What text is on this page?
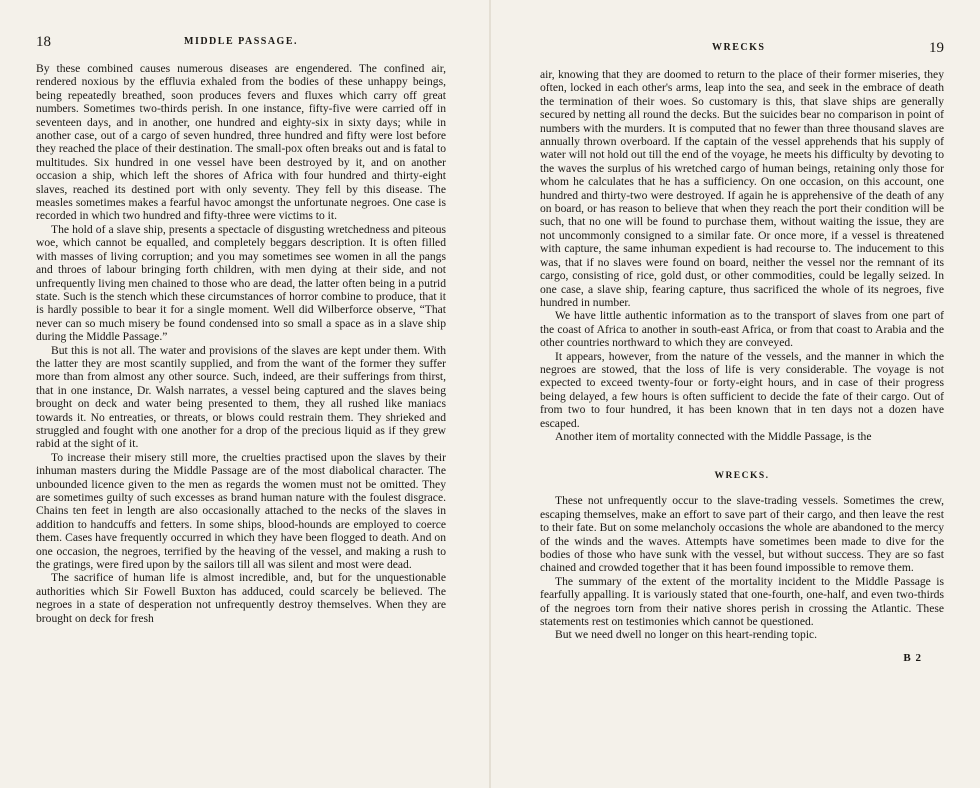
18	MIDDLE PASSAGE.

By these combined causes numerous diseases are engendered. The confined air, rendered noxious by the effluvia exhaled from the bodies of these unhappy beings, being repeatedly breathed, soon produces fevers and fluxes which carry off great numbers. Sometimes two-thirds perish. In one instance, fifty-five were carried off in seventeen days, and in another, one hundred and eighty-six in sixty days; while in another case, out of a cargo of seven hundred, three hundred and fifty were lost before they reached the place of their destination. The small-pox often breaks out and is fatal to multitudes. Six hundred in one vessel have been destroyed by it, and on another occasion a ship, which left the shores of Africa with four hundred and thirty-eight slaves, reached its destined port with only seventy. They fell by this disease. The measles sometimes makes a fearful havoc amongst the unfortunate negroes. One case is recorded in which two hundred and fifty-three were victims to it.

The hold of a slave ship, presents a spectacle of disgusting wretchedness and piteous woe, which cannot be equalled, and completely beggars description. It is often filled with masses of living corruption; and you may sometimes see women in all the pangs and throes of labour bringing forth children, with men dying at their side, and not unfrequently living men chained to those who are dead, the latter often being in a putrid state. Such is the stench which these circumstances of horror combine to produce, that it is hardly possible to bear it for a single moment. Well did Wilberforce observe, “That never can so much misery be found condensed into so small a space as in a slave ship during the Middle Passage.”

But this is not all. The water and provisions of the slaves are kept under them. With the latter they are most scantily supplied, and from the want of the former they suffer more than from almost any other source. Such, indeed, are their sufferings from thirst, that in one instance, Dr. Walsh narrates, a vessel being captured and the slaves being brought on deck and water being presented to them, they all rushed like maniacs towards it. No entreaties, or threats, or blows could restrain them. They shrieked and struggled and fought with one another for a drop of the precious liquid as if they grew rabid at the sight of it.

To increase their misery still more, the cruelties practised upon the slaves by their inhuman masters during the Middle Passage are of the most diabolical character. The unbounded licence given to the men as regards the women must not be omitted. They are sometimes guilty of such excesses as brand human nature with the foulest disgrace. Chains ten feet in length are also occasionally attached to the necks of the slaves in addition to handcuffs and fetters. In some ships, blood-hounds are employed to coerce them. Cases have frequently occurred in which they have been flogged to death. And on one occasion, the negroes, terrified by the heaving of the vessel, and making a rush to the gratings, were fired upon by the sailors till all was silent and most were dead.

The sacrifice of human life is almost incredible, and, but for the unquestionable authorities which Sir Fowell Buxton has adduced, could scarcely be believed. The negroes in a state of desperation not unfrequently destroy themselves. When they are brought on deck for fresh

WRECKS	19

air, knowing that they are doomed to return to the place of their former miseries, they often, locked in each other's arms, leap into the sea, and seek in the embrace of death the termination of their woes. So customary is this, that slave ships are generally secured by netting all round the decks. But the suicides bear no comparison in point of numbers with the murders. It is computed that no fewer than three thousand slaves are annually thrown overboard. If the captain of the vessel apprehends that his supply of water will not hold out till the end of the voyage, he meets his difficulty by devoting to the waves the surplus of his wretched cargo of human beings, retaining only those for whom he calculates that he has a sufficiency. On one occasion, on this account, one hundred and thirty-two were destroyed. If again he is apprehensive of the death of any on board, or has reason to believe that when they reach the port their condition will be such, that no one will be found to purchase them, without waiting the issue, they are not uncommonly consigned to a similar fate. Or once more, if a vessel is threatened with capture, the same inhuman expedient is had recourse to. The inducement to this was, that if no slaves were found on board, neither the vessel nor the remnant of its cargo, consisting of rice, gold dust, or other commodities, could be legally seized. In one case, a slave ship, fearing capture, thus sacrificed the whole of its negroes, five hundred in number.

We have little authentic information as to the transport of slaves from one part of the coast of Africa to another in south-east Africa, or from that coast to Arabia and the other countries northward to which they are conveyed.

It appears, however, from the nature of the vessels, and the manner in which the negroes are stowed, that the loss of life is very considerable. The voyage is not expected to exceed twenty-four or forty-eight hours, and in case of their progress being delayed, a few hours is often sufficient to decide the fate of their cargo. Out of from two to four hundred, it has been known that in ten days not a dozen have escaped.

Another item of mortality connected with the Middle Passage, is the

WRECKS.

These not unfrequently occur to the slave-trading vessels. Sometimes the crew, escaping themselves, make an effort to save part of their cargo, and then leave the rest to their fate. But on some melancholy occasions the whole are abandoned to the mercy of the winds and the waves. Attempts have sometimes been made to dive for the bodies of those who have sunk with the vessel, but without success. They are so fast chained and crowded together that it has been found impossible to remove them.

The summary of the extent of the mortality incident to the Middle Passage is fearfully appalling. It is variously stated that one-fourth, one-half, and even two-thirds of the negroes torn from their native shores perish in crossing the Atlantic. These statements rest on testimonies which cannot be questioned.

But we need dwell no longer on this heart-rending topic.

B 2
